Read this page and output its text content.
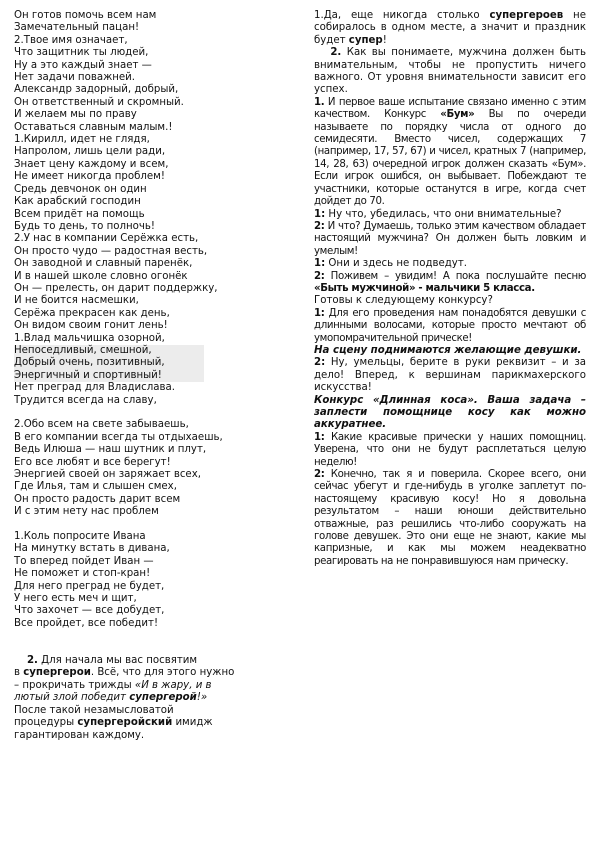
Он готов помочь всем нам
Замечательный пацан!
2.Твое имя означает,
Что защитник ты людей,
Ну а это каждый знает —
Нет задачи поважней.
Александр задорный, добрый,
Он ответственный и скромный.
И желаем мы по праву
Оставаться славным малым.!
1.Кирилл, идет не глядя,
Напролом, лишь цели ради,
Знает цену каждому и всем,
Не имеет никогда проблем!
Средь девчонок он один
Как арабский господин
Всем придёт на помощь
Будь то день, то полночь!
2.У нас в компании Серёжка есть,
Он просто чудо — радостная весть,
Он заводной и славный паренёк,
И в нашей школе словно огонёк
Он — прелесть, он дарит поддержку,
И не боится насмешки,
Серёжа прекрасен как день,
Он видом своим гонит лень!
1.Влад мальчишка озорной,
Непоседливый, смешной,
Добрый очень, позитивный,
Энергичный и спортивный!
Нет преград для Владислава.
Трудится всегда на славу,
2.Обо всем на свете забываешь,
В его компании всегда ты отдыхаешь,
Ведь Илюша — наш шутник и плут,
Его все любят и все берегут!
Энергией своей он заряжает всех,
Где Илья, там и слышен смех,
Он просто радость дарит всем
И с этим нету нас проблем
1.Коль попросите Ивана
На минутку встать в дивана,
То вперед пойдет Иван —
Не поможет и стоп-кран!
Для него преград не будет,
У него есть меч и щит,
Что захочет — все добудет,
Все пройдет, все победит!
2. Для начала мы вас посвятим
в супергерои. Всё, что для этого нужно
– прокричать трижды «И в жару, и в
лютый злой победит супергерой!»
После такой незамысловатой
процедуры супергеройский имидж
гарантирован каждому.

1.Да, еще никогда столько супергероев не собиралось в одном месте, а значит и праздник будет супер!

2. Как вы понимаете, мужчина должен быть внимательным, чтобы не пропустить ничего важного. От уровня внимательности зависит его успех.

1. И первое ваше испытание связано именно с этим качеством. Конкурс «Бум» Вы по очереди называете по порядку числа от одного до семидесяти. Вместо чисел, содержащих 7 (например, 17, 57, 67) и чисел, кратных 7 (например, 14, 28, 63) очередной игрок должен сказать «Бум». Если игрок ошибся, он выбывает. Побеждают те участники, которые останутся в игре, когда счет дойдет до 70.

1: Ну что, убедилась, что они внимательные?

2: И что? Думаешь, только этим качеством обладает настоящий мужчина? Он должен быть ловким и умелым!

1: Они и здесь не подведут.

2: Поживем – увидим! А пока послушайте песню «Быть мужчиной» - мальчики 5 класса.

Готовы к следующему конкурсу?

1: Для его проведения нам понадобятся девушки с длинными волосами, которые просто мечтают об умопомрачительной прическе!

На сцену поднимаются желающие девушки.

2: Ну, умельцы, берите в руки реквизит – и за дело! Вперед, к вершинам парикмахерского искусства!

Конкурс «Длинная коса». Ваша задача – заплести помощнице косу как можно аккуратнее.

1: Какие красивые прически у наших помощниц. Уверена, что они не будут расплетаться целую неделю!

2: Конечно, так я и поверила. Скорее всего, они сейчас убегут и где-нибудь в уголке заплетут по-настоящему красивую косу! Но я довольна результатом – наши юноши действительно отважные, раз решились что-либо сооружать на голове девушек. Это они еще не знают, какие мы капризные, и как мы можем неадекватно реагировать на не понравившуюся нам прическу.
